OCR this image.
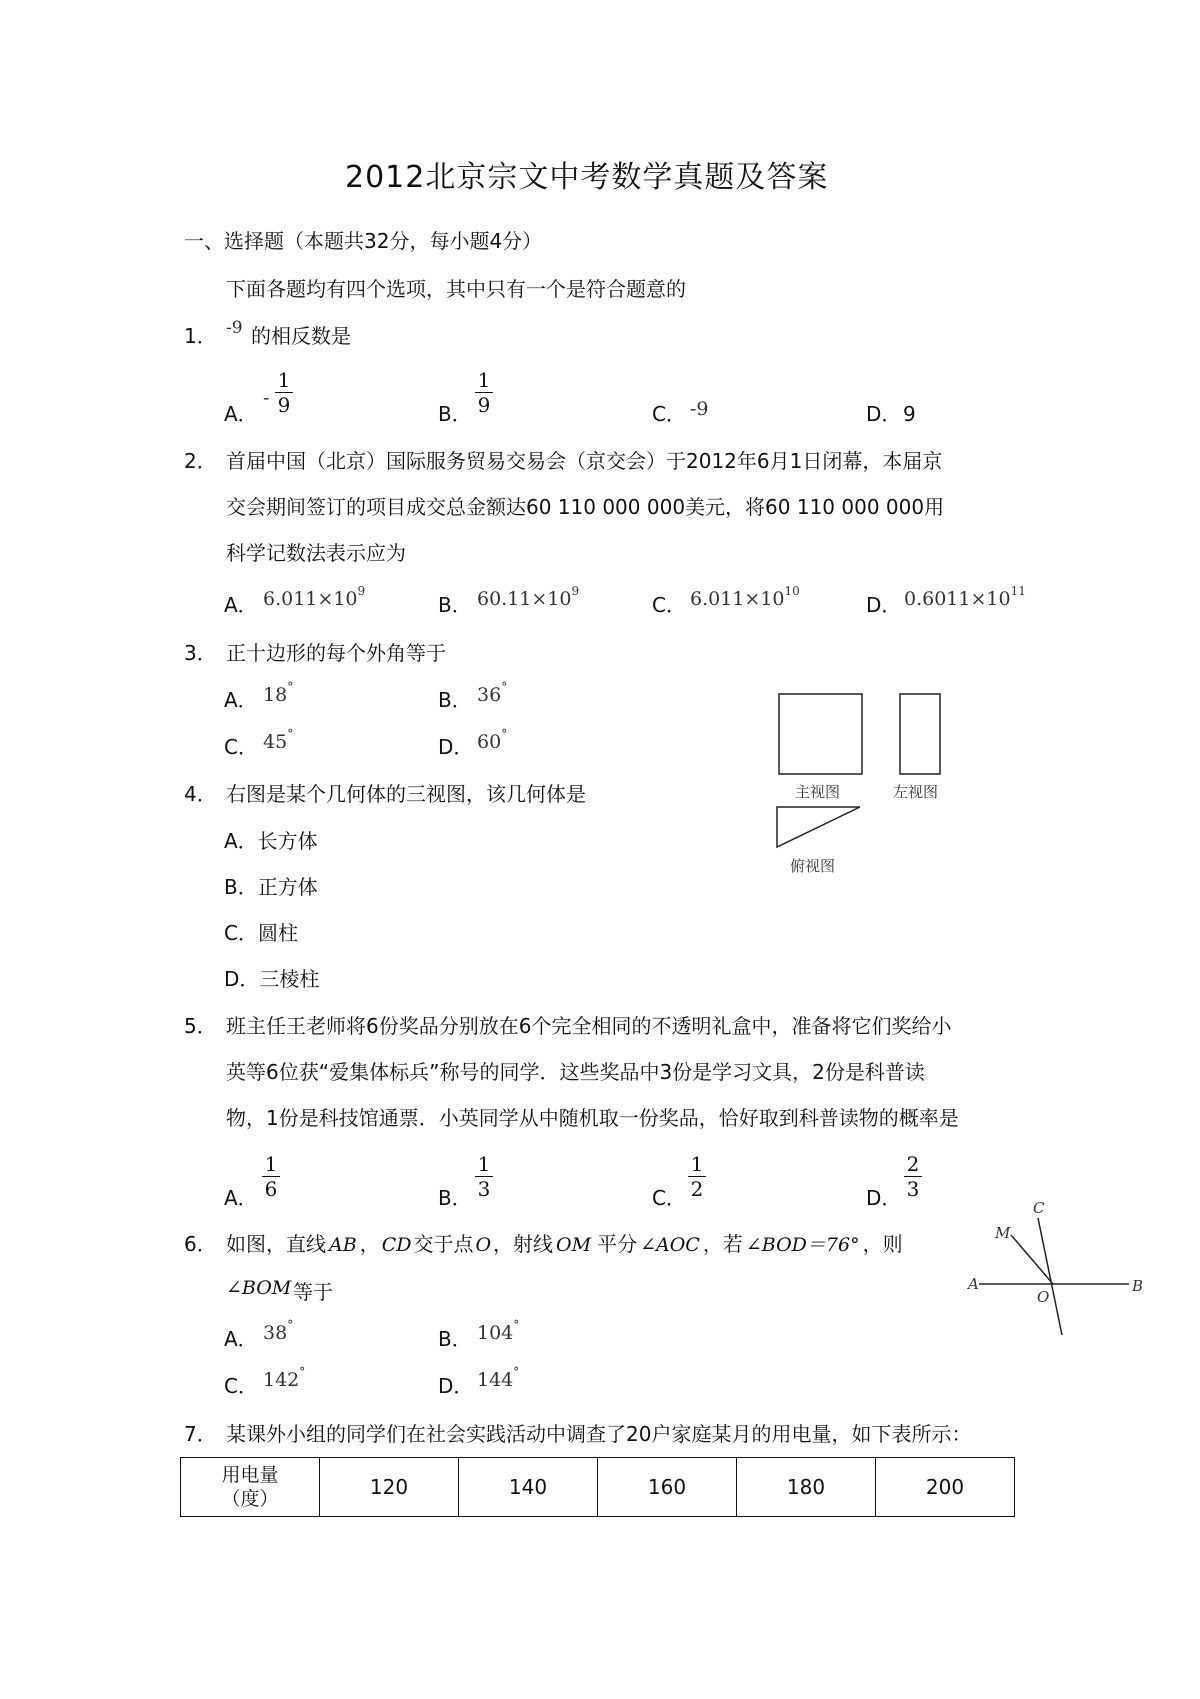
2012北京宗文中考数学真题及答案
一、选择题（本题共32分，每小题4分）
下面各题均有四个选项，其中只有一个是符合题意的
1． -9 的相反数是
A．
-
1
9	B．
1
9	C． -9	D． 9
2． 首届中国（北京）国际服务贸易交易会（京交会）于2012年6月1日闭幕，本届京
交会期间签订的项目成交总金额达60 110 000 000美元，将60 110 000 000用
科学记数法表示应为
A． $6.011\times 10^9$
B． $60.11\times 10^9$
C． $6.011\times 10^{10}$
D． $0.6011\times 10^{11}$
3． 正十边形的每个外角等于
A． 18°
B． 36°
C． 45°
D． 60°
主视图	左视图
俯视图
4． 右图是某个几何体的三视图，该几何体是
A．长方体
B．正方体
C．圆柱
D．三棱柱
5． 班主任王老师将6份奖品分别放在6个完全相同的不透明礼盒中，准备将它们奖给小
英等6位获“爱集体标兵”称号的同学．这些奖品中3份是学习文具，2份是科普读
物，1份是科技馆通票．小英同学从中随机取一份奖品，恰好取到科普读物的概率是
A．
1
6	B．
1
3	C．
1
2	D．
2
3
6． 如图，直线 AB ， CD 交于点 O ，射线 OM 平分 ∠AOC ，若 ∠BOD＝76° ，则
∠BOM 等于
A． 38°
B． 104°
C． 142°
D． 144°
C
M
A
O
B
7． 某课外小组的同学们在社会实践活动中调查了20户家庭某月的用电量，如下表所示：
用电量
（度）	120	140	160	180	200
